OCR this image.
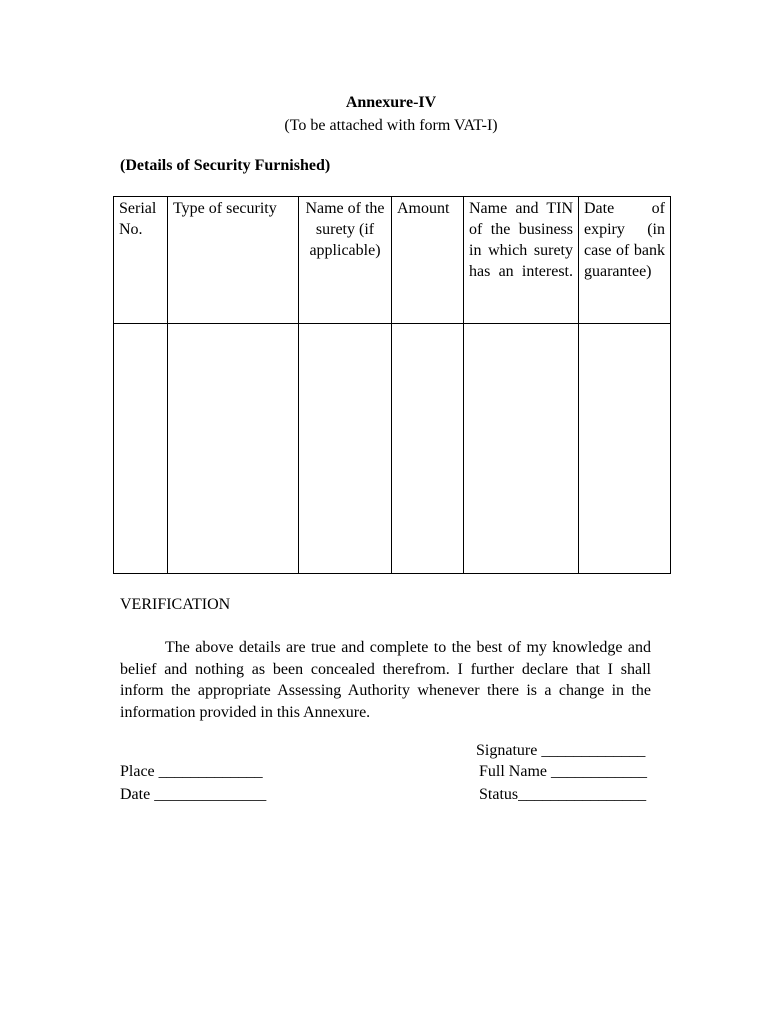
Annexure-IV
(To be attached with form VAT-I)
(Details of Security Furnished)
Serial No.	Type of security	Name of the surety (if applicable)	Amount	Name and TIN of the business in which surety has an interest.	Date of expiry (in case of bank guarantee)

VERIFICATION
The above details are true and complete to the best of my knowledge and belief and nothing as been concealed therefrom. I further declare that I shall inform the appropriate Assessing Authority whenever there is a change in the information provided in this Annexure.
Signature _____________
Full Name ____________
Status________________
Place _____________
Date ______________
